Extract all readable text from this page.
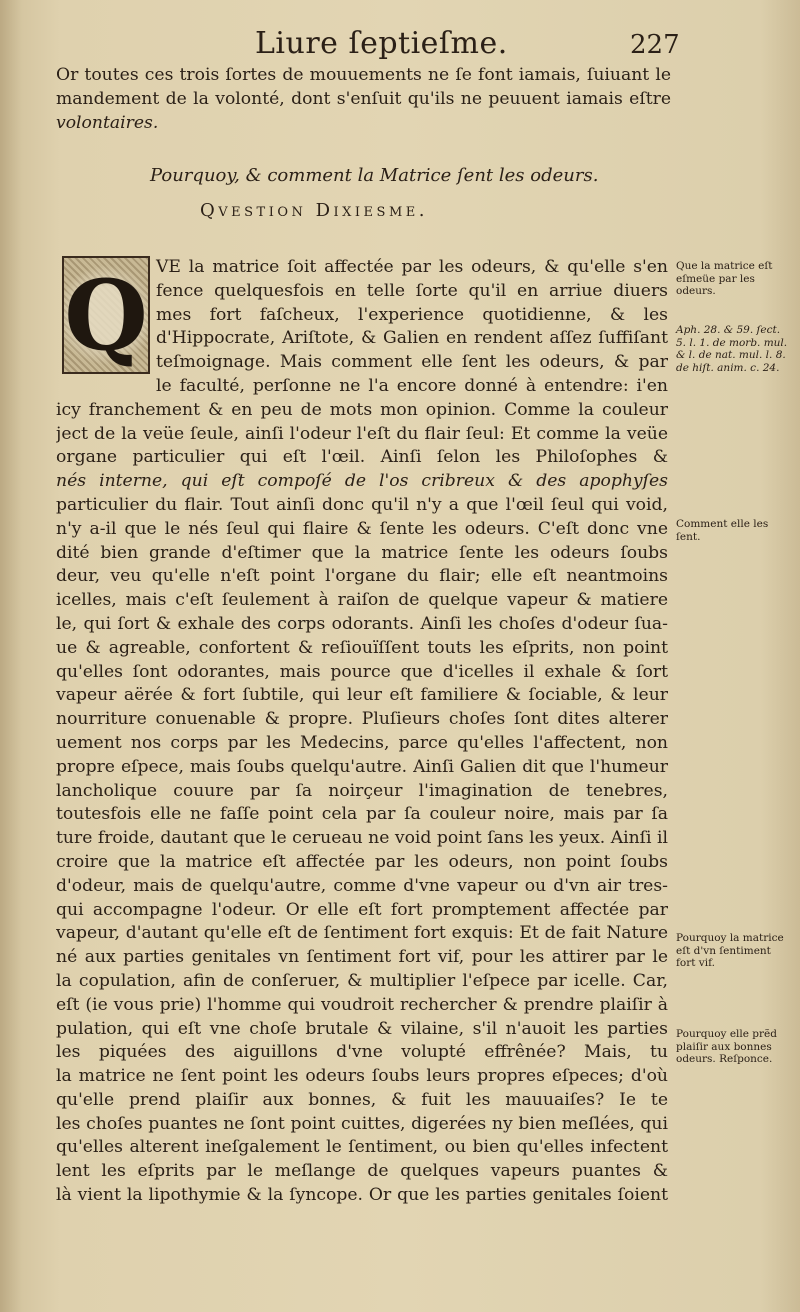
Liure ſeptieſme.	227
Or toutes ces trois ſortes de mouuements ne ſe font iamais, ſuiuant le
mandement de la volonté, dont s'enſuit qu'ils ne peuuent iamais eſtre
volontaires.
Pourquoy, & comment la Matrice ſent les odeurs.
Qvestion Dixiesme.
Q VE la matrice ſoit affectée par les odeurs, & qu'elle s'en
fence quelquesfois en telle ſorte qu'il en arriue diuers
mes fort faſcheux, l'experience quotidienne, & les
d'Hippocrate, Ariſtote, & Galien en rendent aſſez ſuffiſant
teſmoignage. Mais comment elle ſent les odeurs, & par
le faculté, perſonne ne l'a encore donné à entendre: i'en
icy franchement & en peu de mots mon opinion. Comme la couleur
ject de la veüe ſeule, ainſi l'odeur l'eſt du flair ſeul: Et comme la veüe
organe particulier qui eſt l'œil. Ainſi ſelon les Philoſophes &
nés interne, qui eſt compoſé de l'os cribreux & des apophyſes
particulier du flair. Tout ainſi donc qu'il n'y a que l'œil ſeul qui void,
n'y a-il que le nés ſeul qui flaire & ſente les odeurs. C'eſt donc vne
dité bien grande d'eſtimer que la matrice ſente les odeurs ſoubs
deur, veu qu'elle n'eſt point l'organe du flair; elle eſt neantmoins
icelles, mais c'eſt ſeulement à raiſon de quelque vapeur & matiere
le, qui ſort & exhale des corps odorants. Ainſi les choſes d'odeur ſua-
ue & agreable, confortent & reſiouïſſent touts les eſprits, non point
qu'elles ſont odorantes, mais pource que d'icelles il exhale & ſort
vapeur aërée & fort ſubtile, qui leur eſt familiere & ſociable, & leur
nourriture conuenable & propre. Pluſieurs choſes ſont dites alterer
uement nos corps par les Medecins, parce qu'elles l'affectent, non
propre eſpece, mais ſoubs quelqu'autre. Ainſi Galien dit que l'humeur
lancholique couure par ſa noirçeur l'imagination de tenebres,
toutesfois elle ne faſſe point cela par ſa couleur noire, mais par ſa
ture froide, dautant que le cerueau ne void point ſans les yeux. Ainſi il
croire que la matrice eſt affectée par les odeurs, non point ſoubs
d'odeur, mais de quelqu'autre, comme d'vne vapeur ou d'vn air tres-
qui accompagne l'odeur. Or elle eſt fort promptement affectée par
vapeur, d'autant qu'elle eſt de ſentiment fort exquis: Et de fait Nature
né aux parties genitales vn ſentiment fort vif, pour les attirer par le
la copulation, afin de conſeruer, & multiplier l'eſpece par icelle. Car,
eſt (ie vous prie) l'homme qui voudroit rechercher & prendre plaiſir à
pulation, qui eſt vne choſe brutale & vilaine, s'il n'auoit les parties
les piquées des aiguillons d'vne volupté effrênée? Mais, tu
la matrice ne ſent point les odeurs ſoubs leurs propres eſpeces; d'où
qu'elle prend plaiſir aux bonnes, & fuit les mauuaiſes? Ie te
les choſes puantes ne ſont point cuittes, digerées ny bien meſlées, qui
qu'elles alterent ineſgalement le ſentiment, ou bien qu'elles infectent
lent les eſprits par le meſlange de quelques vapeurs puantes &
là vient la lipothymie & la ſyncope. Or que les parties genitales ſoient
Que la matrice eſt eſmeüe par les odeurs.
Aph. 28. & 59. ſect. 5. l. 1. de morb. mul. & l. de nat. mul. l. 8. de hiſt. anim. c. 24.
Comment elle les ſent.
Pourquoy la matrice eſt d'vn ſentiment fort vif.
Pourquoy elle prẽd plaiſir aux bonnes odeurs. Reſponce.
